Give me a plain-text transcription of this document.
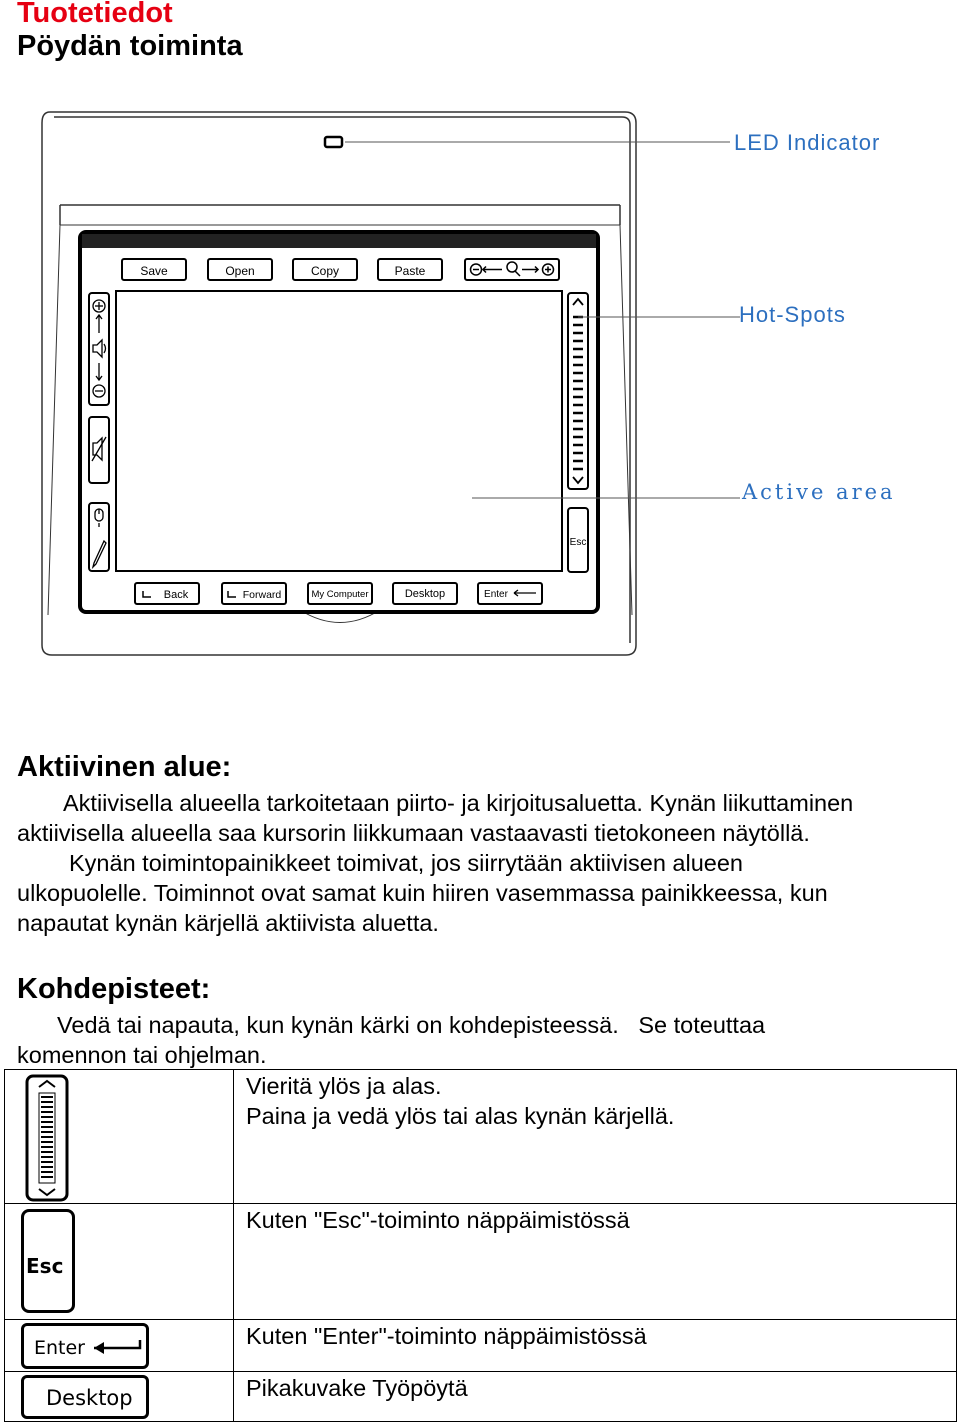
Tuotetiedot
Pöydän toiminta
Save	Open	Copy	Paste
Esc
Back	Forward	My Computer	Desktop	Enter
LED Indicator
Hot-Spots
Active area
Aktiivinen alue:

Aktiivisella alueella tarkoitetaan piirto- ja kirjoitusaluetta. Kynän liikuttaminen

aktiivisella alueella saa kursorin liikkumaan vastaavasti tietokoneen näytöllä.

Kynän toimintopainikkeet toimivat, jos siirrytään aktiivisen alueen

ulkopuolelle. Toiminnot ovat samat kuin hiiren vasemmassa painikkeessa, kun

napautat kynän kärjellä aktiivista aluetta.

Kohdepisteet:

Vedä tai napauta, kun kynän kärki on kohdepisteessä.   Se toteuttaa

komennon tai ohjelman.

Vieritä ylös ja alas.
Paina ja vedä ylös tai alas kynän kärjellä.

Esc	Kuten "Esc"-toiminto näppäimistössä

Enter	Kuten "Enter"-toiminto näppäimistössä

Desktop	Pikakuvake Työpöytä
